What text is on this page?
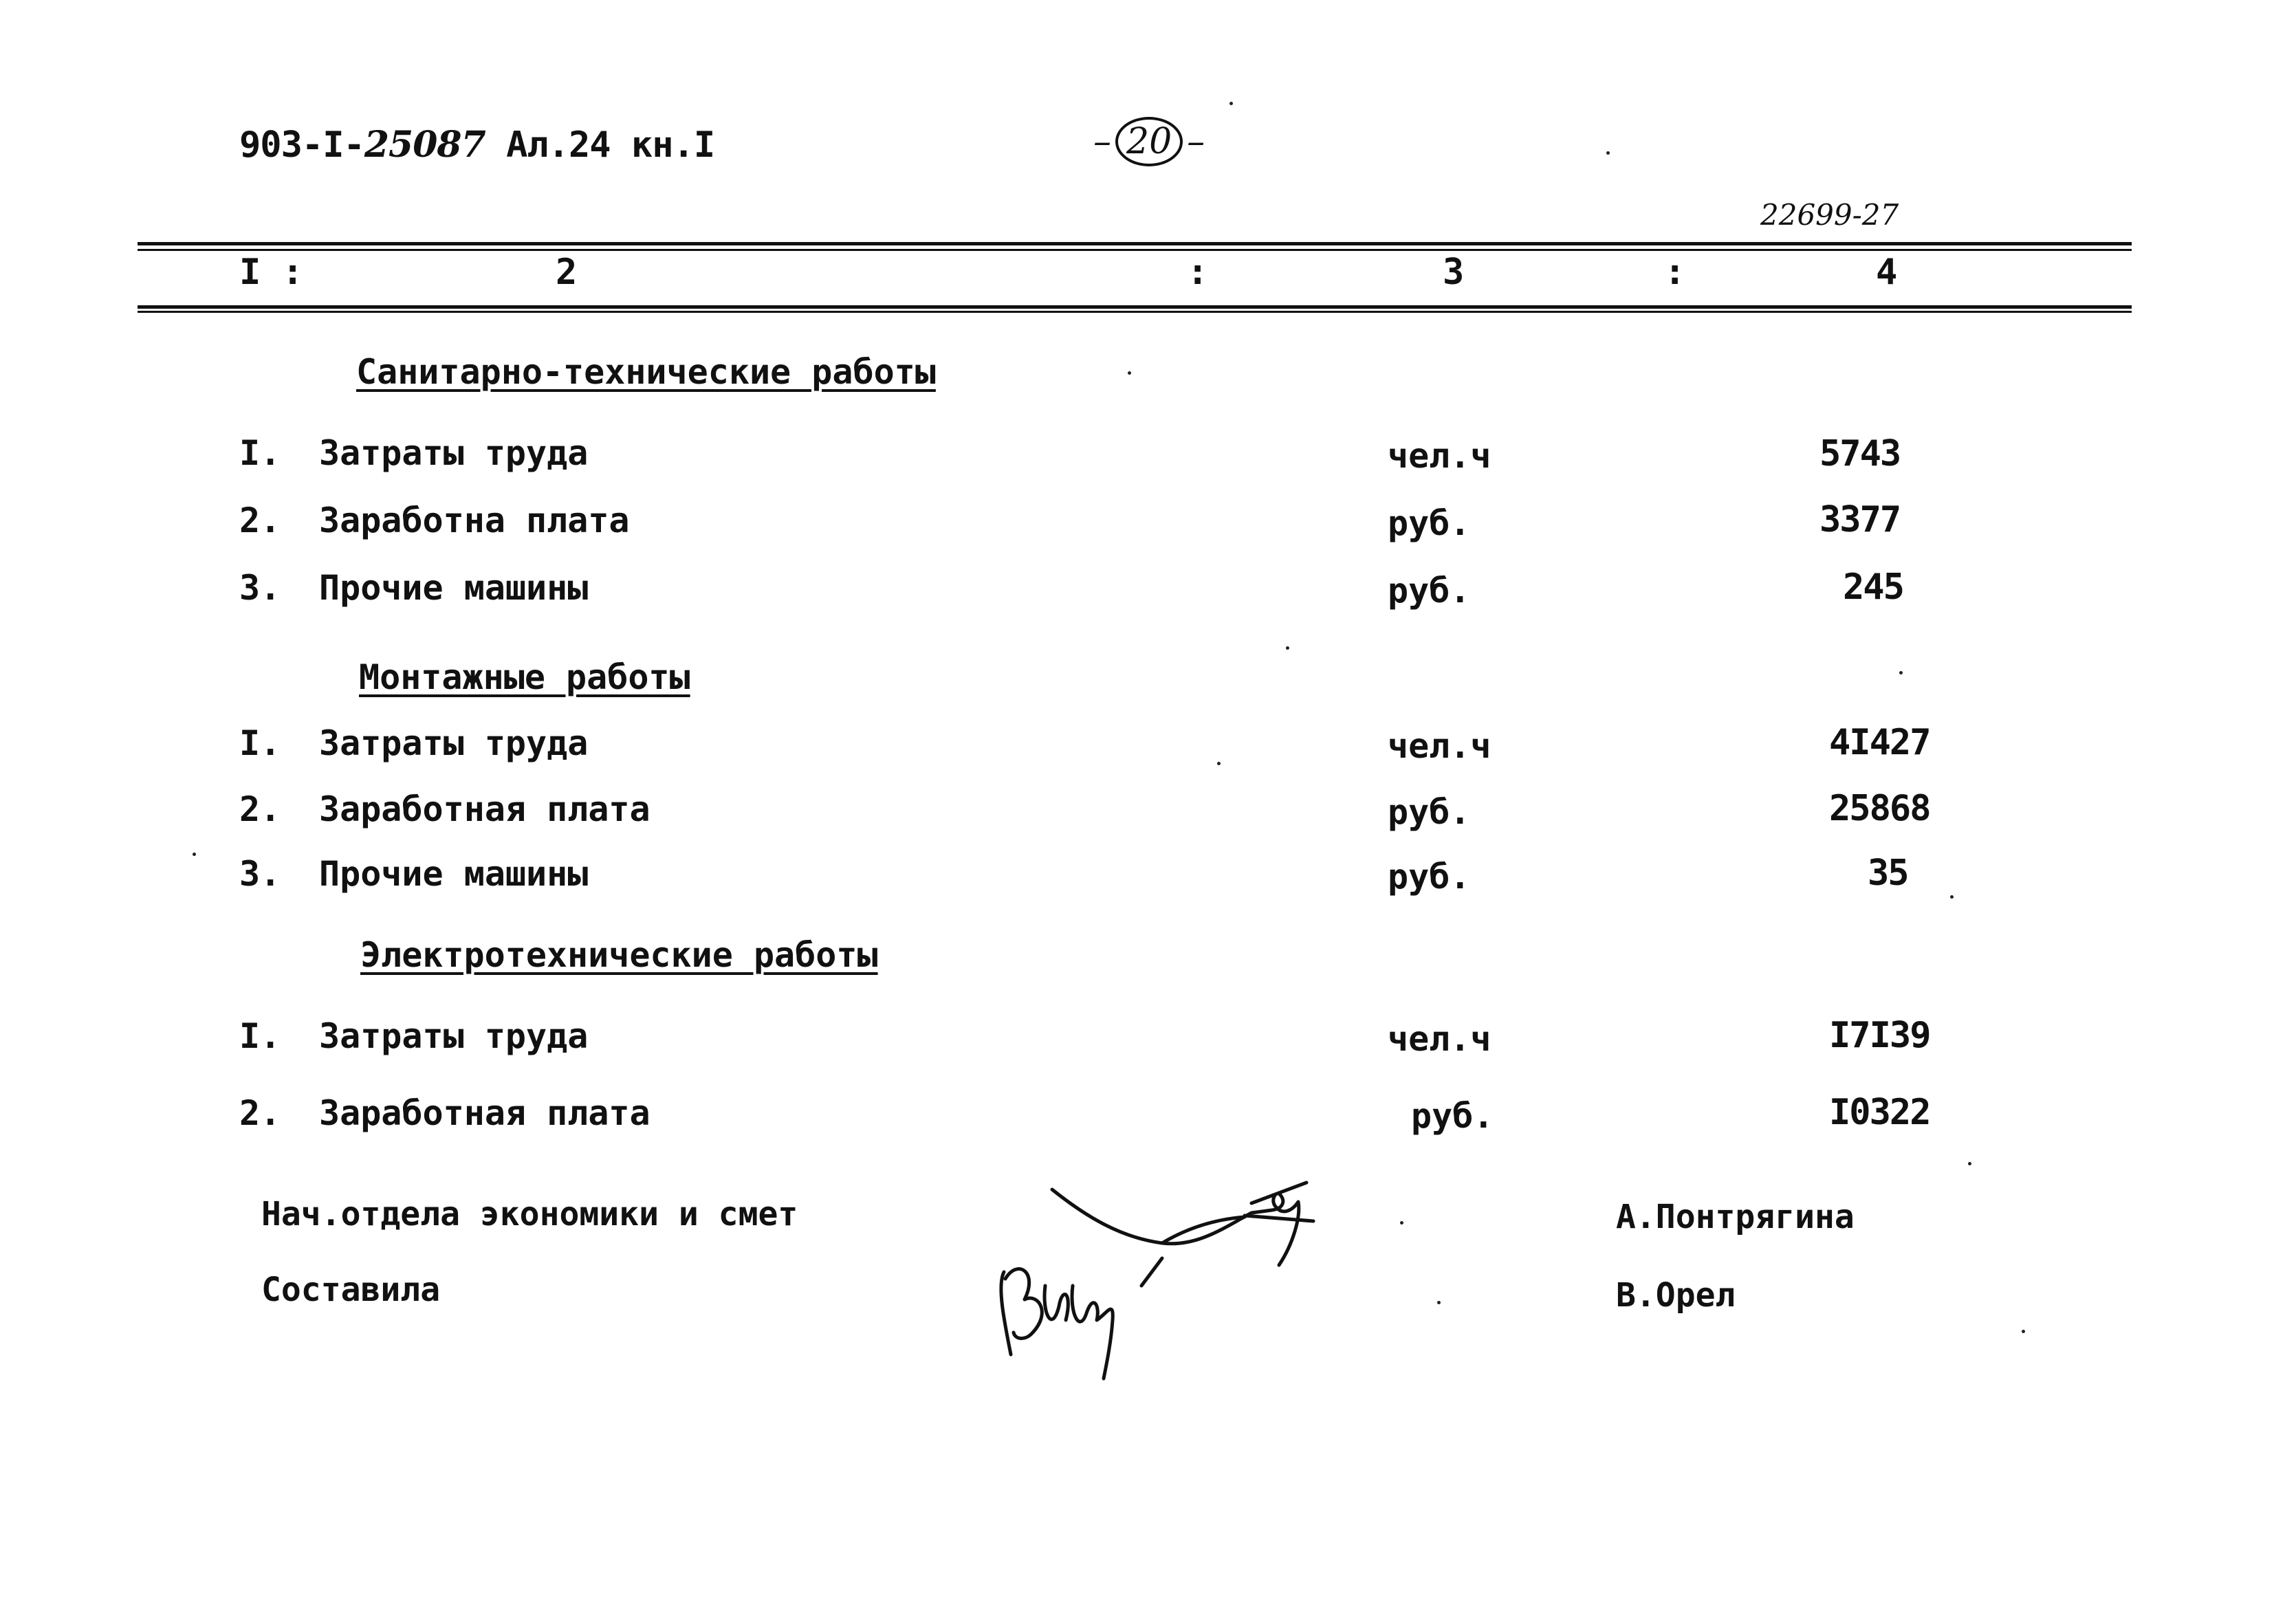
903-I-25087 Ал.24 кн.I	– 20 –
22699-27
I :	2	:	3	:	4
Санитарно-технические работы
I. Затраты труда	чел.ч	5743
2. Заработна плата	руб.	3377
3. Прочие машины	руб.	245
Монтажные работы
I. Затраты труда	чел.ч	4I427
2. Заработная плата	руб.	25868
3. Прочие машины	руб.	35
Электротехнические работы
I. Затраты труда	чел.ч	I7I39
2. Заработная плата	руб.	I0322
Нач.отдела экономики и смет	А.Понтрягина
Составила	В.Орел
